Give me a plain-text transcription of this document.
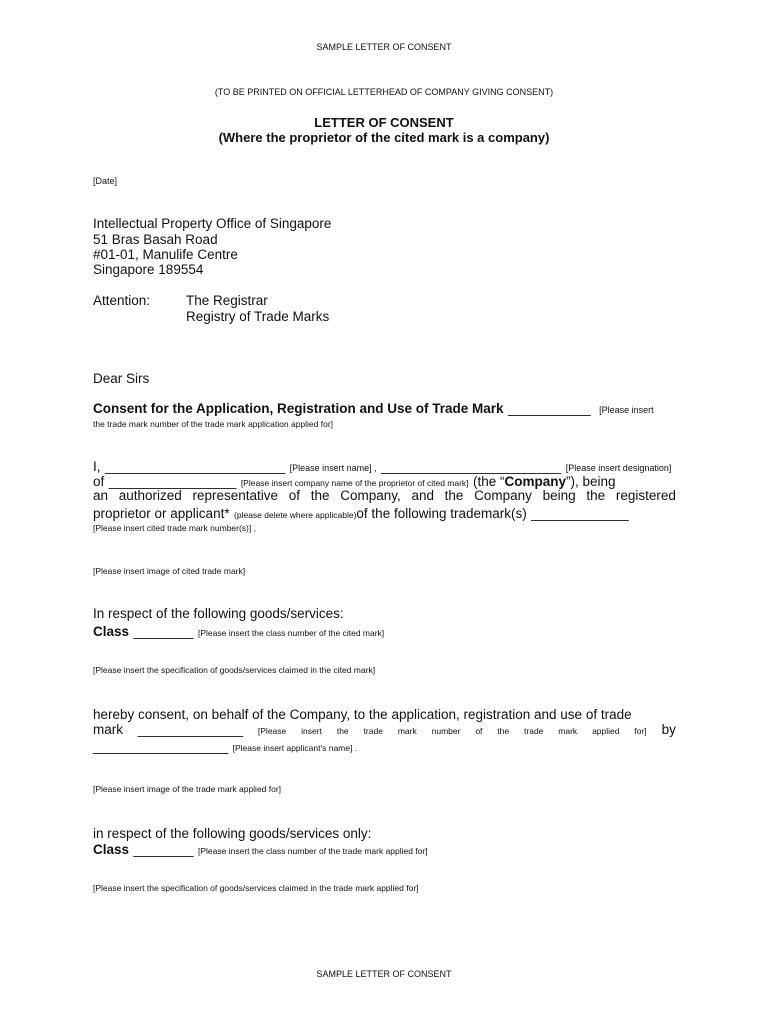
SAMPLE LETTER OF CONSENT
(TO BE PRINTED ON OFFICIAL LETTERHEAD OF COMPANY GIVING CONSENT)
LETTER OF CONSENT
(Where the proprietor of the cited mark is a company)
[Date]
Intellectual Property Office of Singapore
51 Bras Basah Road
#01-01, Manulife Centre
Singapore 189554
Attention:	The Registrar
Registry of Trade Marks
Dear Sirs
Consent for the Application, Registration and Use of Trade Mark ___________ [Please insert
the trade mark number of the trade mark application applied for]
I, ________________________ [Please insert name] , ________________________ [Please insert designation]
of _________________ [Please insert company name of the proprietor of cited mark] (the “Company”), being
an authorized representative of the Company, and the Company being the registered
proprietor or applicant* (please delete where applicable)of the following trademark(s) _____________
[Please insert cited trade mark number(s)] ,
[Please insert image of cited trade mark]
In respect of the following goods/services:
Class ________ [Please insert the class number of the cited mark]
[Please insert the specification of goods/services claimed in the cited mark]
hereby consent, on behalf of the Company, to the application, registration and use of trade
mark ______________ [Please insert the trade mark number of the trade mark applied for] by
__________________ [Please insert applicant's name] .
[Please insert image of the trade mark applied for]
in respect of the following goods/services only:
Class ________ [Please insert the class number of the trade mark applied for]
[Please insert the specification of goods/services claimed in the trade mark applied for]
SAMPLE LETTER OF CONSENT
